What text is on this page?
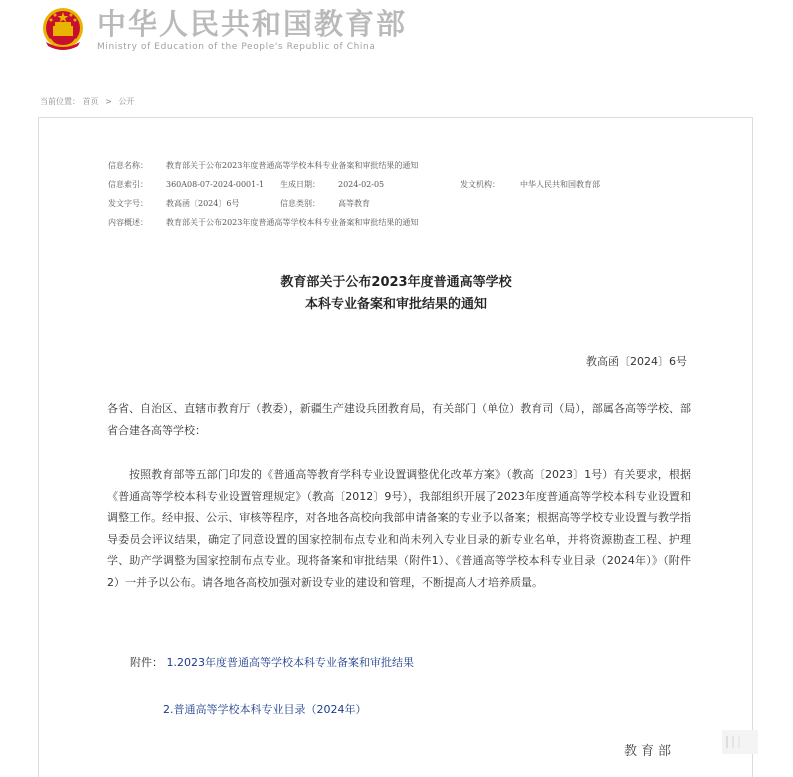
中华人民共和国教育部
Ministry of Education of the People's Republic of China
当前位置： 首页 > 公开
信息名称： 教育部关于公布2023年度普通高等学校本科专业备案和审批结果的通知
信息索引： 360A08-07-2024-0001-1 生成日期： 2024-02-05	发文机构：	中华人民共和国教育部
发文字号： 教高函〔2024〕6号	信息类别： 高等教育
内容概述： 教育部关于公布2023年度普通高等学校本科专业备案和审批结果的通知
教育部关于公布2023年度普通高等学校
本科专业备案和审批结果的通知
教高函〔2024〕6号

各省、自治区、直辖市教育厅（教委），新疆生产建设兵团教育局，有关部门（单位）教育司（局），部属各高等学校、部省合建各高等学校：

按照教育部等五部门印发的《普通高等教育学科专业设置调整优化改革方案》（教高〔2023〕1号）有关要求，根据《普通高等学校本科专业设置管理规定》（教高〔2012〕9号），我部组织开展了2023年度普通高等学校本科专业设置和调整工作。经申报、公示、审核等程序，对各地各高校向我部申请备案的专业予以备案；根据高等学校专业设置与教学指导委员会评议结果，确定了同意设置的国家控制布点专业和尚未列入专业目录的新专业名单，并将资源勘查工程、护理学、助产学调整为国家控制布点专业。现将备案和审批结果（附件1）、《普通高等学校本科专业目录（2024年）》（附件2）一并予以公布。请各地各高校加强对新设专业的建设和管理，不断提高人才培养质量。

附件： 1.2023年度普通高等学校本科专业备案和审批结果
2.普通高等学校本科专业目录（2024年）
教育部
